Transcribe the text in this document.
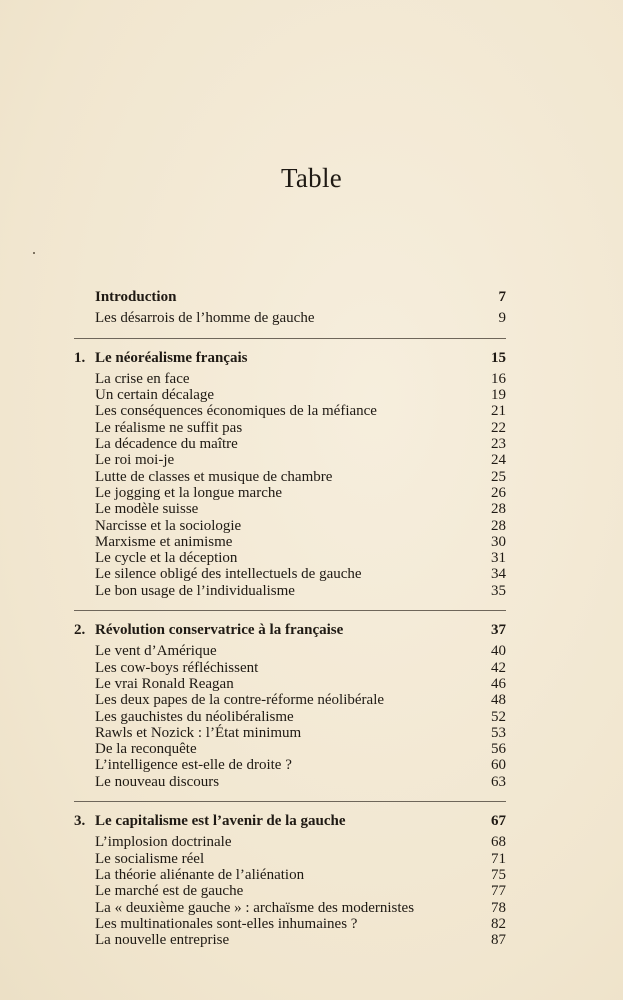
Table
Introduction	7
Les désarrois de l’homme de gauche	9
1. Le néoréalisme français	15
La crise en face	16
Un certain décalage	19
Les conséquences économiques de la méfiance	21
Le réalisme ne suffit pas	22
La décadence du maître	23
Le roi moi-je	24
Lutte de classes et musique de chambre	25
Le jogging et la longue marche	26
Le modèle suisse	28
Narcisse et la sociologie	28
Marxisme et animisme	30
Le cycle et la déception	31
Le silence obligé des intellectuels de gauche	34
Le bon usage de l’individualisme	35
2. Révolution conservatrice à la française	37
Le vent d’Amérique	40
Les cow-boys réfléchissent	42
Le vrai Ronald Reagan	46
Les deux papes de la contre-réforme néolibérale	48
Les gauchistes du néolibéralisme	52
Rawls et Nozick : l’État minimum	53
De la reconquête	56
L’intelligence est-elle de droite ?	60
Le nouveau discours	63
3. Le capitalisme est l’avenir de la gauche	67
L’implosion doctrinale	68
Le socialisme réel	71
La théorie aliénante de l’aliénation	75
Le marché est de gauche	77
La « deuxième gauche » : archaïsme des modernistes	78
Les multinationales sont-elles inhumaines ?	82
La nouvelle entreprise	87
